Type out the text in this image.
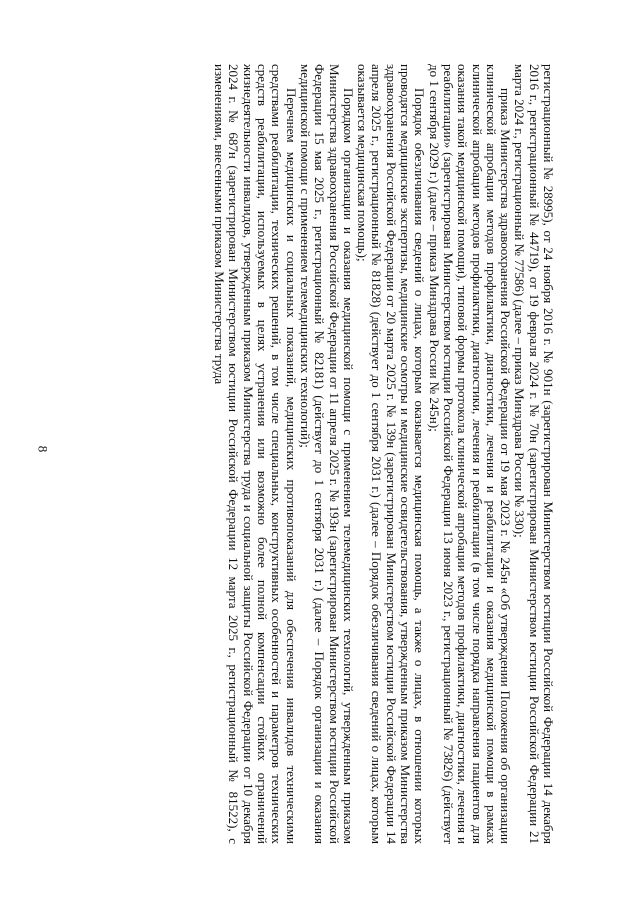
8	регистрационный № 28995), от 24 ноября 2016 г. № 901н (зарегистрирован Министерством юстиции Российской Федерации 14 декабря 2016 г., регистрационный № 44719), от 19 февраля 2024 г. № 70н (зарегистрирован Министерством юстиции Российской Федерации 21 марта 2024 г., регистрационный № 77586) (далее – приказ Минздрава России № 330);

приказ Министерства здравоохранения Российской Федерации от 19 мая 2023 г. № 245н «Об утверждении Положения об организации клинической апробации методов профилактики, диагностики, лечения и реабилитации и оказания медицинской помощи в рамках клинической апробации методов профилактики, диагностики, лечения и реабилитации (в том числе порядка направления пациентов для оказания такой медицинской помощи), типовой формы протокола клинической апробации методов профилактики, диагностики, лечения и реабилитации» (зарегистрирован Министерством юстиции Российской Федерации 13 июня 2023 г., регистрационный № 73826) (действует до 1 сентября 2029 г.) (далее – приказ Минздрава России № 245н);

Порядок обезличивания сведений о лицах, которым оказывается медицинская помощь, а также о лицах, в отношении которых проводятся медицинские экспертизы, медицинские осмотры и медицинские освидетельствования, утвержденным приказом Министерства здравоохранения Российской Федерации от 20 марта 2025 г. № 139н (зарегистрирован Министерством юстиции Российской Федерации 14 апреля 2025 г., регистрационный № 81828) (действует до 1 сентября 2031 г.) (далее – Порядок обезличивания сведений о лицах, которым оказывается медицинская помощь);

Порядком организации и оказания медицинской помощи с применением телемедицинских технологий, утвержденным приказом Министерства здравоохранения Российской Федерации от 11 апреля 2025 г. № 193н (зарегистрирован Министерством юстиции Российской Федерации 15 мая 2025 г., регистрационный № 82181) (действует до 1 сентября 2031 г.) (далее – Порядок организации и оказания медицинской помощи с применением телемедицинских технологий);

Перечнем медицинских и социальных показаний, медицинских противопоказаний для обеспечения инвалидов техническими средствами реабилитации, технических решений, в том числе специальных, конструктивных особенностей и параметров технических средств реабилитации, используемых в целях устранения или возможно более полной компенсации стойких ограничений жизнедеятельности инвалидов, утвержденным приказом Министерства труда и социальной защиты Российской Федерации от 10 декабря 2024 г. № 687н (зарегистрирован Министерством юстиции Российской Федерации 12 марта 2025 г., регистрационный № 81522), с изменениями, внесенными приказом Министерства труда
